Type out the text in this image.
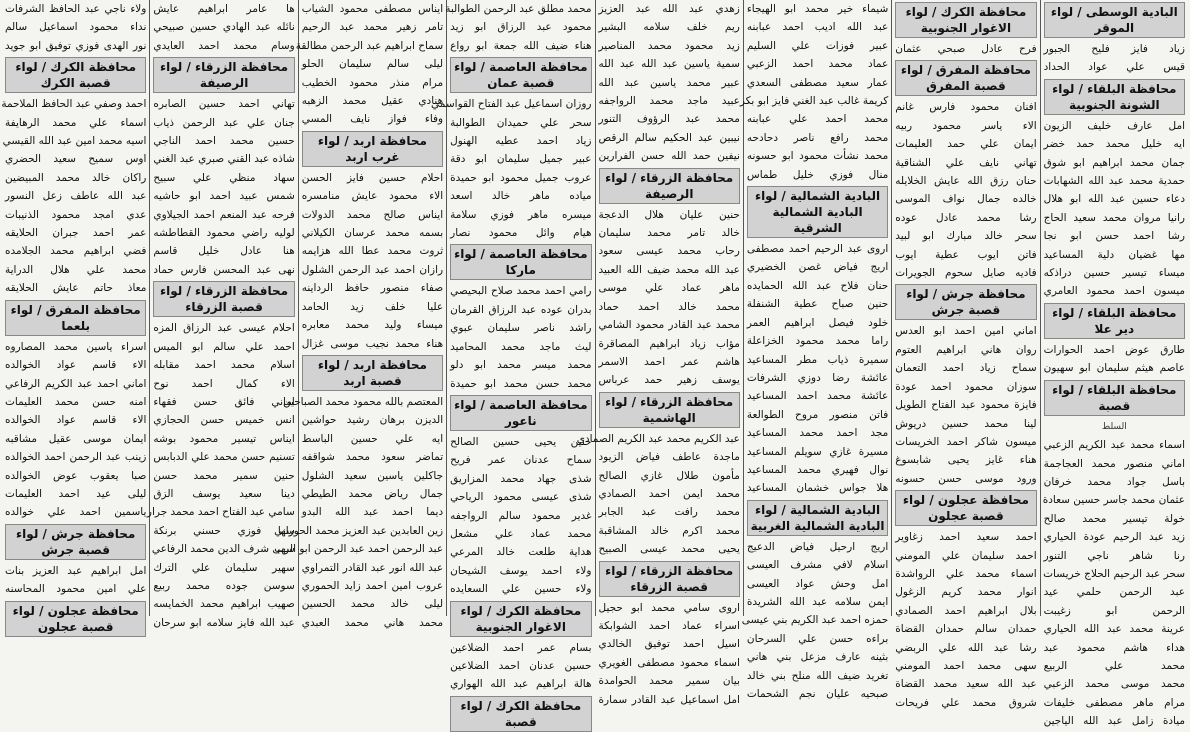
البادية الوسطى / لواء الموقر
زياد فايز فليح الجبور
قيس علي عواد الحداد
محافظة البلقاء / لواء الشونة الجنوبية
امل عارف خليف الزيون
ايه خليل محمد حمد خضر
جمان محمد ابراهيم ابو شوق
حمدية محمد عبد الله الشهابات
دعاء حسين عبد الله ابو هلال
رانيا مروان محمد سعيد الحاج
رشا احمد حسن ابو نجا
مها غضيان دلية المساعيد
ميساء تيسير حسين دراذكه
ميسون احمد محمود العامري
محافظة البلقاء / لواء دير علا
طارق عوض احمد الحوارات
عاصم هيثم سليمان ابو سهيون
محافظة البلقاء / لواء قصبة
السلط
اسماء محمد عبد الكريم الزعبي
اماني منصور محمد العجاجمة
باسل جواد محمد خرفان
عثمان محمد جاسر حسين سعادة
خولة تيسير محمد صالح
زيد عبد الرحيم عودة الحياري
رنا شاهر ناجي التنور
سحر عبد الرحيم الحلاج خريسات
عبد الرحمن حلمي عيد
الرحمن ابو زغيبت
عرينة محمد عبد الله الحياري
هداء هاشم محمود عبد
محمد علي الربيع
محمد موسى محمد الزعبي
مرام ماهر مصطفى خليفات
ميادة زامل عبد الله الياجين
محافظة الكرك / لواء الاغوار الجنوبية
فرح عادل صبحي عثمان
محافظة المفرق / لواء قصبة المفرق
افنان محمود فارس غانم
الاء ياسر محمود ربيه
ايمان علي حمد العليمات
تهاني نايف علي الشناقية
حنان رزق الله عايش الخلايله
خالده جمال نواف الموسى
رشا محمد عادل عوده
سحر خالد مبارك ابو لبيد
فاتن ايوب عطية ايوب
فاديه صايل سحوم الجويرات
محافظة جرش / لواء قصبة جرش
اماني امين احمد ابو العدس
روان هاني ابراهيم العتوم
سماح زياد احمد التعمان
سوزان محمود احمد عودة
فايزة محمود عبد الفتاح الطويل
لينا محمد حسين دريوش
ميسون شاكر احمد الخريسات
هناء غايز يحيى شابسوغ
ورود موسى حسن حسونه
محافظة عجلون / لواء قصبة عجلون
احمد سعيد احمد زغاوير
احمد سليمان علي المومني
اسماء محمد علي الرواشدة
انوار محمد كريم الزغول
بلال ابراهيم احمد الصمادي
حمدان سالم حمدان القضاة
رشا عبد الله علي الربضي
سهى محمد احمد المومني
عبد الله سعيد محمد القضاة
شروق محمد علي فريحات
شيماء خير محمد ابو الهيجاء
عبد الله اديب احمد عبابنه
عبير فوزات علي السليم
عماد محمد احمد الزعبي
عمار سعيد مصطفى السعدي
كريمة غالب عبد الغني فايز ابو بكر
محمد احمد علي عبابنه
محمد رافع ناصر دحادحه
محمد نشأت محمود ابو حسونه
منال فوزي خليل طماس
البادية الشمالية / لواء البادية الشمالية الشرقية
اروى عبد الرحيم احمد مصطفى
اريج فياض غصن الخضيري
حنان فلاح عبد الله الحمايده
حنين صباح عطية الشنفلة
خلود فيصل ابراهيم العمر
راما محمد محمود الخزاعلة
سميرة ذياب مطر المساعيد
عائشة رضا دوزي الشرفات
عائشة محمد احمد المساعيد
فاتن منصور مروح الطوالعة
مجد احمد محمد المساعيد
مسيرة غازي سويلم المساعيد
نوال فهيري محمد المساعيد
هلا جواس خشمان المساعيد
البادية الشمالية / لواء البادية الشمالية الغربية
اريج ارحيل فياض الدعيج
اسلام لافي مشرف العيسى
امل وحش عواد العيسى
ايمن سلامه عبد الله الشريدة
حمزه احمد عبد الكريم بني عيسى
براءه حسن علي السرحان
بثينه عارف مزعل بني هاني
تغريد ضيف الله منلح بني خالد
صبحيه عليان نجم الشحمات
زهدي عبد الله عبد العزيز
ريم خلف سلامه البشير
زيد محمود محمد المناصير
سمية ياسين عبد الله عبد الله
عبير محمد ياسين عبد الله
عبيد ماجد محمد الرواجفه
محمد عبد الرؤوف التنور
نيبين عبد الحكيم سالم الرقص
نيفين حمد الله حسن الفرارين
محافظة الزرقاء / لواء الرصيفة
حنين عليان هلال الدعجة
خالد تامر محمد سليمان
رحاب محمد عيسى سعود
عبد الله محمد ضيف الله العبيد
ماهر عماد علي موسى
محمد خالد احمد حماد
محمد عبد القادر محمود الشامي
مؤاب زياد ابراهيم المصاقرة
هاشم عمر احمد الاسمر
يوسف زهير حمد عرباس
محافظة الزرقاء / لواء الهاشمية
عبد الكريم محمد عبد الكريم الصمادي
ماجدة عاطف فياض الزيود
مأمون طلال غازي الصالح
محمد ايمن احمد الصمادي
محمد رافت عبد الجابر
محمد اكرم خالد المشاقبة
يحيى محمد عيسى الصبيح
محافظة الزرقاء / لواء قصبة الزرقاء
اروى سامي محمد ابو حجيل
اسراء عماد احمد الشوابكة
اسيل احمد توفيق الخالدي
اسماء محمود مصطفى الغويري
بيان سمير محمد الحوامدة
امل اسماعيل عبد القادر سمارة
محمد مطلق عبد الرحمن الطوالبة
محمود عبد الرزاق ابو زيد
هناء ضيف الله جمعة ابو رواع
محافظة العاصمة / لواء قصبة عمان
روزان اسماعيل عبد الفتاح القواسمي
سحر علي حميدان الطوالبة
زياد احمد عطيه الهنول
عبير جميل سليمان ابو دقة
عروب جميل محمود ابو حميدة
مياده ماهر خالد اسعد
ميسره ماهر فوزي سلامة
هيام وائل محمود نصار
محافظة العاصمة / لواء ماركا
رامي احمد محمد صلاح البحيصي
بدران عوده عبد الرزاق القرمان
راشد ناصر سليمان عبوي
ليث ماجد محمد المحاميد
محمد ميسر محمد ابو دلو
محمد حسن محمد ابو حميدة
محافظة العاصمة / لواء ناعور
حنين يحيى حسين الصالح
سماح عدنان عمر فريح
شذى جهاد محمد المزاريق
شذى عيسى محمود الرياحي
غدير محمود سالم الرواجفه
محمد عماد علي مشعل
هداية طلعت خالد المرعي
ولاء احمد يوسف الشيحان
ولاء حسين علي السعايده
محافظة الكرك / لواء الاغوار الجنوبية
بسام عمر احمد الضلاعين
حسين عدنان احمد الضلاعين
هالة ابراهيم عبد الله الهواري
محافظة الكرك / لواء قصبة
ايناس مصطفى محمود الشياب
تامر زهير محمد عبد الرحيم
سماح ابراهيم عبد الرحمن مطالقة
ليلى سالم سليمان الحلو
مرام منذر محمود الخطيب
هنادي عقيل محمد الزهبه
وفاء فواز نايف المسي
محافظة اربد / لواء غرب اربد
احلام حسين فايز الحسن
الاء محمود عايش منامسره
ايناس صالح محمد الدولات
بسمه محمد عرسان الكيلاني
ثروت محمد عطا الله هزايمه
رازان احمد عبد الرحمن الشلول
صفاء منصور حافظ الرداينه
عليا خلف زيد الحامد
ميساء وليد محمد معابره
هناء محمد نجيب موسى غزال
محافظة اربد / لواء قصبة اربد
المعتصم بالله محمود محمد الصباحين
الديزن برهان رشيد حواشين
ايه علي حسين الباسط
تماضر سعود محمد شواقفه
جاكلين ياسين سعيد الشلول
جمال رياض محمد الطيطي
ديما احمد عبد الله البدو
زين العابدين عبد العزيز محمد الحوراني
عبد الرحمن احمد عبد الرحمن ابو الرب
عبد الله انور عبد القادر التمراوي
عروب امين احمد زايد الحموري
ليلى خالد محمد الحسين
محمد هاني محمد العبدي
ها عامر ابراهيم عايش
نائله عبد الهادي حسين صبيحي
وسام محمد احمد العايدي
محافظة الزرقاء / لواء الرصيفة
تهاني احمد حسين الصابره
جنان علي عبد الرحمن ذياب
حسين محمد احمد الناجي
شاذه عبد القني صبري عبد الغني
سهاد منظي علي سبيح
شمس عبيد احمد ابو حاشيه
فرحه عبد المنعم احمد الجيلاوي
لوليه راضي محمود القطاطشه
هنا عادل خليل قاسم
نهى عبد المحسن فارس حماد
محافظة الزرقاء / لواء قصبة الزرقاء
احلام عيسى عبد الرزاق المزه
احمد علي سالم ابو الميس
اسلام محمد احمد مقابله
الاء كمال احمد نوح
اماني فائق حسن فقهاء
انس خميس حسن الحجازي
ايناس تيسير محمود بوشه
تسنيم حسن محمد علي الدبابس
حنين سمير محمد حسن
دينا سعيد يوسف الزق
سامي عبد الفتاح احمد محمد جرار
سها فوزي حسني برنكة
سهى شرف الدين محمد الرفاعي
سهير سليمان علي الترك
سوسن جوده محمد ربيع
صهيب ابراهيم محمد الخمايسه
عبد الله فايز سلامه ابو سرحان
ولاء ناجي عبد الحافظ الشرفات
نداء محمود اسماعيل سالم
نور الهدى فوزي توفيق ابو جويد
محافظة الكرك / لواء قصبة الكرك
احمد وصفي عبد الحافظ الملاحمة
اسماء علي محمد الرهايفة
اسيه محمد امين عبد الله القيسي
اوس سميح سعيد الحضري
راكان خالد محمد المبيضين
عبد الله عاطف زعل النسور
عدي امجد محمود الذنيبات
عمر احمد جبران الحلايقه
فضي ابراهيم محمد الجلامده
محمد علي هلال الدراية
معاذ حاتم عايش الحلايقه
محافظة المفرق / لواء بلعما
اسراء ياسين محمد المصاروه
الاء قاسم عواد الخوالده
اماني احمد عبد الكريم الرفاعي
امنه حسن محمد العليمات
الاء قاسم عواد الخوالده
ايمان موسى عقيل مشاقبه
زينب عبد الرحمن احمد الخوالده
صبا يعقوب عوض الخوالده
ليلى عيد احمد العليمات
ياسمين احمد علي خوالده
محافظة جرش / لواء قصبة جرش
امل ابراهيم عبد العزيز بنات
علي امين محمود المحاسنه
محافظة عجلون / لواء قصبة عجلون
